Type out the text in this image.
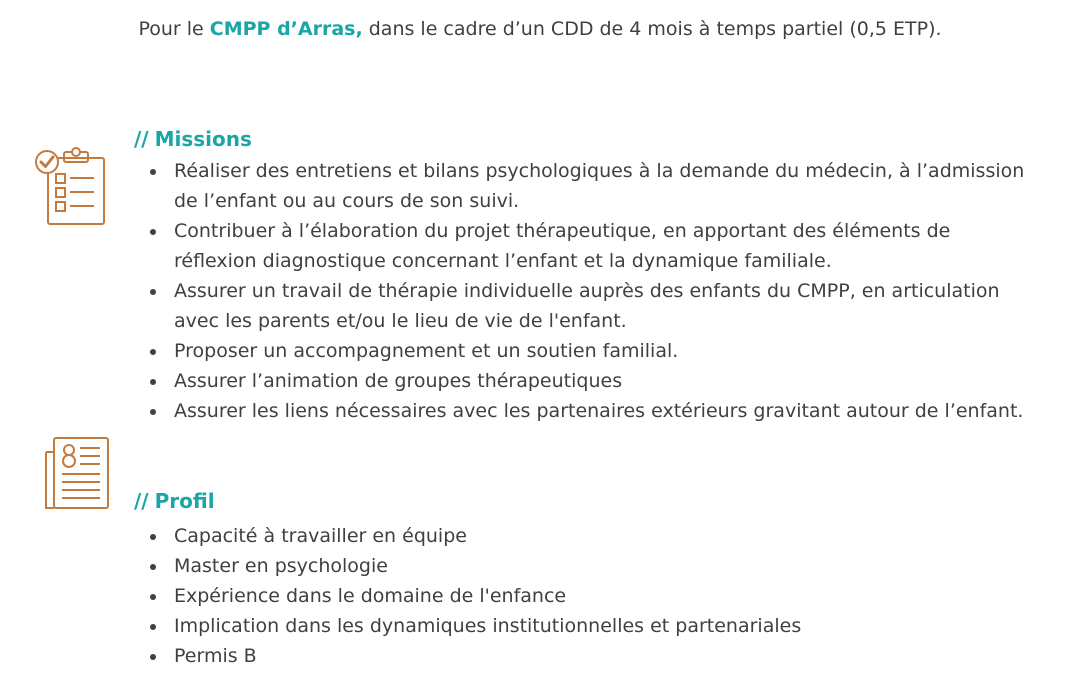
Pour le CMPP d’Arras, dans le cadre d’un CDD de 4 mois à temps partiel (0,5 ETP).
// Missions
Réaliser des entretiens et bilans psychologiques à la demande du médecin, à l’admission de l’enfant ou au cours de son suivi.
Contribuer à l’élaboration du projet thérapeutique, en apportant des éléments de réflexion diagnostique concernant l’enfant et la dynamique familiale.
Assurer un travail de thérapie individuelle auprès des enfants du CMPP, en articulation avec les parents et/ou le lieu de vie de l'enfant.
Proposer un accompagnement et un soutien familial.
Assurer l’animation de groupes thérapeutiques
Assurer les liens nécessaires avec les partenaires extérieurs gravitant autour de l’enfant.
// Profil
Capacité à travailler en équipe
Master en psychologie
Expérience dans le domaine de l'enfance
Implication dans les dynamiques institutionnelles et partenariales
Permis B
